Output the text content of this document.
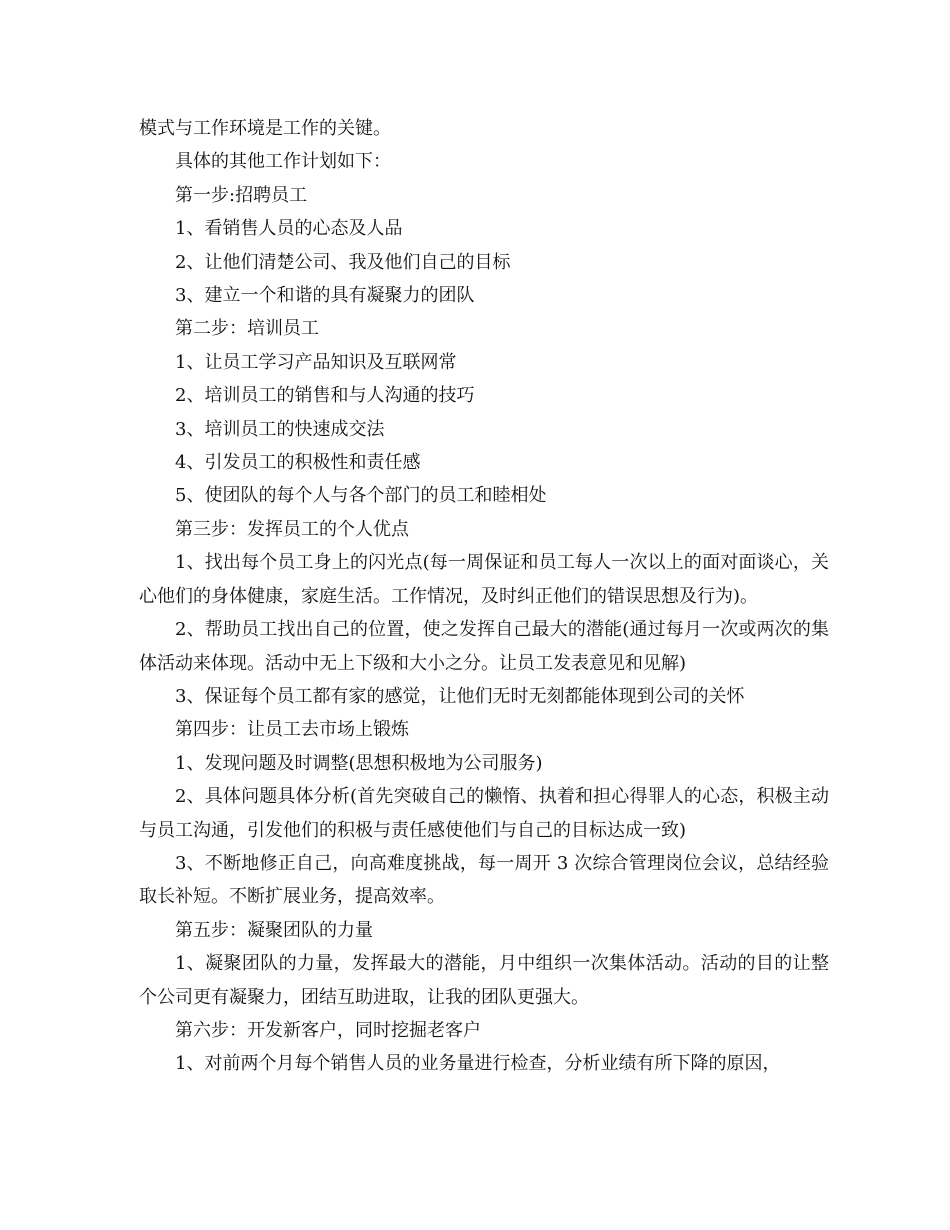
模式与工作环境是工作的关键。

具体的其他工作计划如下：

第一步:招聘员工

1、看销售人员的心态及人品

2、让他们清楚公司、我及他们自己的目标

3、建立一个和谐的具有凝聚力的团队

第二步：培训员工

1、让员工学习产品知识及互联网常

2、培训员工的销售和与人沟通的技巧

3、培训员工的快速成交法

4、引发员工的积极性和责任感

5、使团队的每个人与各个部门的员工和睦相处

第三步：发挥员工的个人优点

1、找出每个员工身上的闪光点(每一周保证和员工每人一次以上的面对面谈心，关心他们的身体健康，家庭生活。工作情况，及时纠正他们的错误思想及行为)。

2、帮助员工找出自己的位置，使之发挥自己最大的潜能(通过每月一次或两次的集体活动来体现。活动中无上下级和大小之分。让员工发表意见和见解)

3、保证每个员工都有家的感觉，让他们无时无刻都能体现到公司的关怀

第四步：让员工去市场上锻炼

1、发现问题及时调整(思想积极地为公司服务)

2、具体问题具体分析(首先突破自己的懒惰、执着和担心得罪人的心态，积极主动与员工沟通，引发他们的积极与责任感使他们与自己的目标达成一致)

3、不断地修正自己，向高难度挑战，每一周开 3 次综合管理岗位会议，总结经验取长补短。不断扩展业务，提高效率。

第五步：凝聚团队的力量

1、凝聚团队的力量，发挥最大的潜能，月中组织一次集体活动。活动的目的让整个公司更有凝聚力，团结互助进取，让我的团队更强大。

第六步：开发新客户，同时挖掘老客户

1、对前两个月每个销售人员的业务量进行检查，分析业绩有所下降的原因，
